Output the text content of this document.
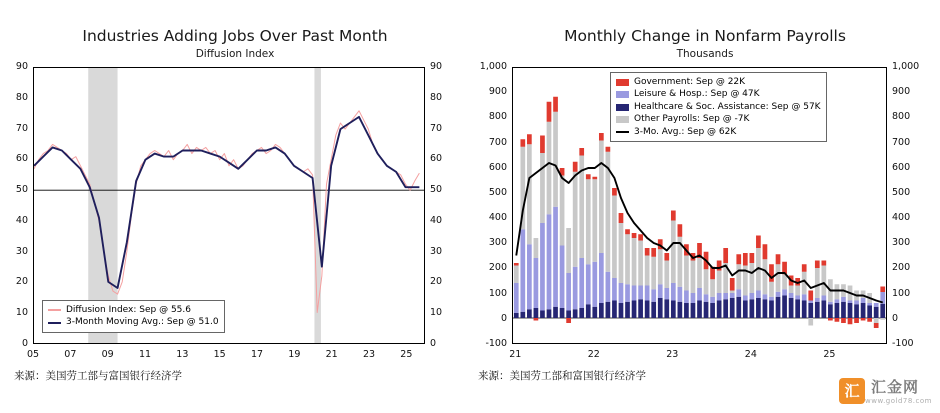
Industries Adding Jobs Over Past Month
Diffusion Index
90
80
70
60
50
40
30
20
10
0
90
80
70
60
50
40
30
20
10
0
05	07	09	11	13	15	17	19	21	23	25
Diffusion Index: Sep @ 55.6
3-Month Moving Avg.: Sep @ 51.0
来源：美国劳工部与富国银行经济学
Monthly Change in Nonfarm Payrolls
Thousands
1,000
900
800
700
600
500
400
300
200
100
0
-100
1,000
900
800
700
600
500
400
300
200
100
0
-100
21	22	23	24	25
Government: Sep @ 22K
Leisure & Hosp.: Sep @ 47K
Healthcare & Soc. Assistance: Sep @ 57K
Other Payrolls: Sep @ -7K
3-Mo. Avg.: Sep @ 62K
来源：美国劳工部和富国银行经济学
汇 汇金网
www.gold78.com
